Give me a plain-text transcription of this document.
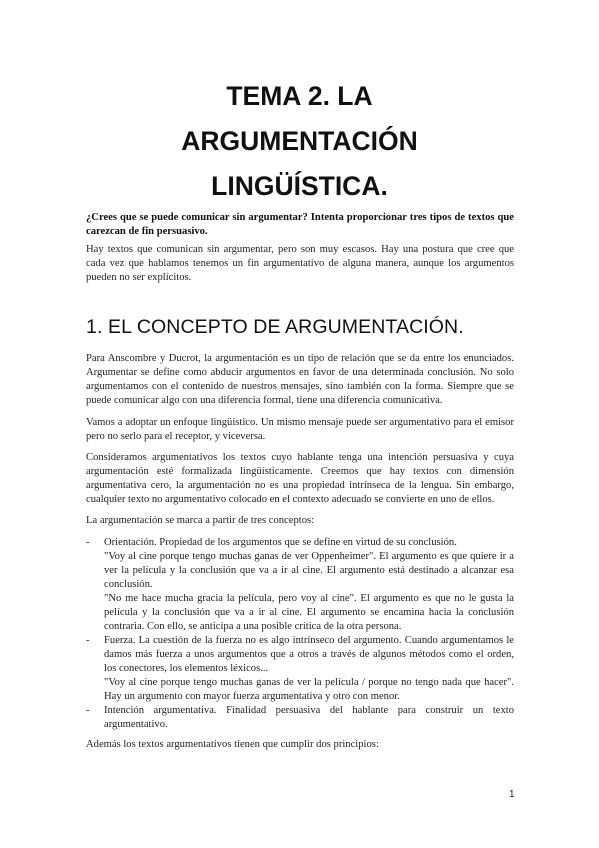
TEMA 2. LA
ARGUMENTACIÓN
LINGÜÍSTICA.
¿Crees que se puede comunicar sin argumentar? Intenta proporcionar tres tipos de textos que carezcan de fin persuasivo.
Hay textos que comunican sin argumentar, pero son muy escasos. Hay una postura que cree que cada vez que hablamos tenemos un fin argumentativo de alguna manera, aunque los argumentos pueden no ser explícitos.
1. EL CONCEPTO DE ARGUMENTACIÓN.
Para Anscombre y Ducrot, la argumentación es un tipo de relación que se da entre los enunciados. Argumentar se define como abducir argumentos en favor de una determinada conclusión. No solo argumentamos con el contenido de nuestros mensajes, sino también con la forma. Siempre que se puede comunicar algo con una diferencia formal, tiene una diferencia comunicativa.
Vamos a adoptar un enfoque lingüístico. Un mismo mensaje puede ser argumentativo para el emisor pero no serlo para el receptor, y viceversa.
Consideramos argumentativos los textos cuyo hablante tenga una intención persuasiva y cuya argumentación esté formalizada lingüísticamente. Creemos que hay textos con dimensión argumentativa cero, la argumentación no es una propiedad intrínseca de la lengua. Sin embargo, cualquier texto no argumentativo colocado en el contexto adecuado se convierte en uno de ellos.
La argumentación se marca a partir de tres conceptos:
- Orientación. Propiedad de los argumentos que se define en virtud de su conclusión.
"Voy al cine porque tengo muchas ganas de ver Oppenheimer". El argumento es que quiere ir a ver la película y la conclusión que va a ir al cine. El argumento está destinado a alcanzar esa conclusión.
"No me hace mucha gracia la película, pero voy al cine". El argumento es que no le gusta la película y la conclusión que va a ir al cine. El argumento se encamina hacia la conclusión contraria. Con ello, se anticipa a una posible crítica de la otra persona.
- Fuerza. La cuestión de la fuerza no es algo intrínseco del argumento. Cuando argumentamos le damos más fuerza a unos argumentos que a otros a través de algunos métodos como el orden, los conectores, los elementos léxicos...
"Voy al cine porque tengo muchas ganas de ver la película / porque no tengo nada que hacer". Hay un argumento con mayor fuerza argumentativa y otro con menor.
- Intención argumentativa. Finalidad persuasiva del hablante para construir un texto argumentativo.
Además los textos argumentativos tienen que cumplir dos principios:
1
